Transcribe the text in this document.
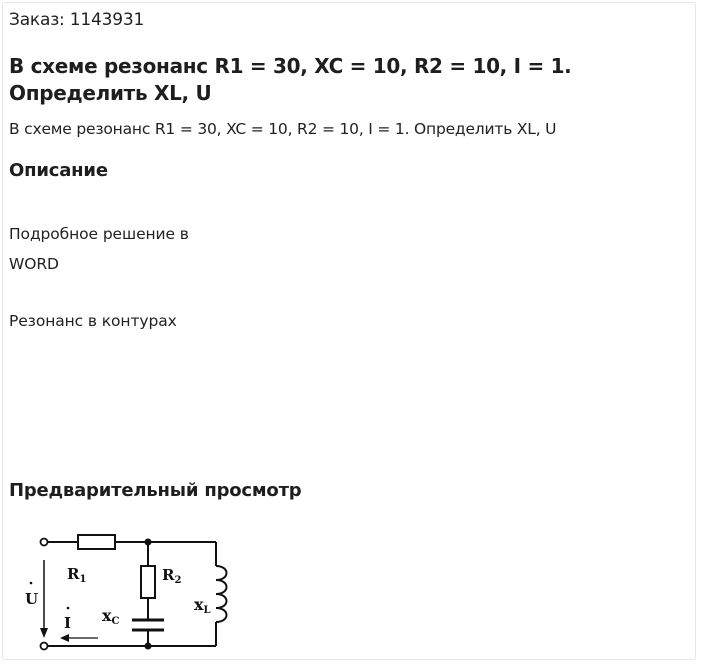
Заказ: 1143931
В схеме резонанс R1 = 30, XC = 10, R2 = 10, I = 1. Определить XL, U
В схеме резонанс R1 = 30, XC = 10, R2 = 10, I = 1. Определить XL, U
Описание
Подробное решение в
WORD
Резонанс в контурах
Предварительный просмотр
$R_1$	$R_2$
xC
xL
U
I
